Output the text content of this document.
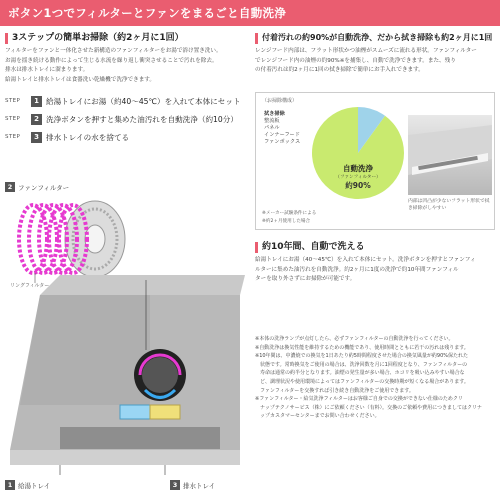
ボタン1つでフィルターとファンをまるごと自動洗浄
3ステップの簡単お掃除（約2ヶ月に1回）
フィルターをファンと一体化させた新構造のファンフィルターをお湯で浴け置き洗い。
お湯を揺き続ける動作によって生じる水流を繰り返し衝突させることで汚れを除去。
排水は排水トレイに溜まります。
給湯トレイと排水トレイは食器洗い乾燥機で洗浄できます。
STEP	1 給湯トレイにお湯（約40〜45℃）を入れて本体にセット
STEP	2 洗浄ボタンを押すと集めた油汚れを自動洗浄（約10分）
STEP	3 排水トレイの水を捨てる
2 ファンフィルター
リングフィルター
1 給湯トレイ	3 排水トレイ
付着汚れの約90%が自動洗浄、だから拭き掃除も約2ヶ月に1回
レンジフード内部は、フラット形状かつ油煙がスムーズに流れる形状。ファンフィルター
でレンジフード内の油煙の約90%※を捕集し、自動で洗浄できます。また、残り
の付着汚れは約2ヶ月に1回の拭き掃除で簡単にお手入れできます。
（お掃除構成）
拭き掃除
整流板
パネル
インナーフード
ファンボックス
自動洗浄
（ファンフィルター）
約90%
※メーカー試験条件による
※約2ヶ月使用した場合
内部は凹凸が少ないフラット形状で拭き掃除がしやすい
約10年間、自動で洗える
給湯トレイにお湯（40〜45℃）を入れて本体にセット。洗浄ボタンを押すとファンフィ
ルターに集めた油汚れを自動洗浄。約2ヶ月に1度の洗浄で約10年間ファンフィル
ターを取り外さずにお掃除が可能です。
※本体の洗浄ランプが点灯したら、必ずファンフィルターの自動洗浄を行ってください。
※自動洗浄は換気性能を維持するための機能であり、使用時間とともに若干の汚れは残ります。
※10年間は、中濃焼での換気を1日あたり約5時間程度させた場合の換気風量が約90%保たれた
　状態です。常時換気をご使用の場合は、洗浄回数を月に1回程度となり、ファンフィルターの
　寿命は通常の約半分となります。油煙の発生量が多い場合、ホコリを吸い込みやすい場合な
　ど、調理状況や使用環境によってはファンフィルターの交換時期が短くなる場合があります。
　ファンフィルターを交換すれば引き続き自動洗浄をご使用できます。
※ファンフィルター・給気洗浄フィルターはお客様ご自身での交換ができない仕様のためクリ
　ナップテクノサービス（株）にご依頼ください（有料）。交換のご依頼や費用につきましてはクリナ
　ップカスタマーセンターまでお問い合わせください。
